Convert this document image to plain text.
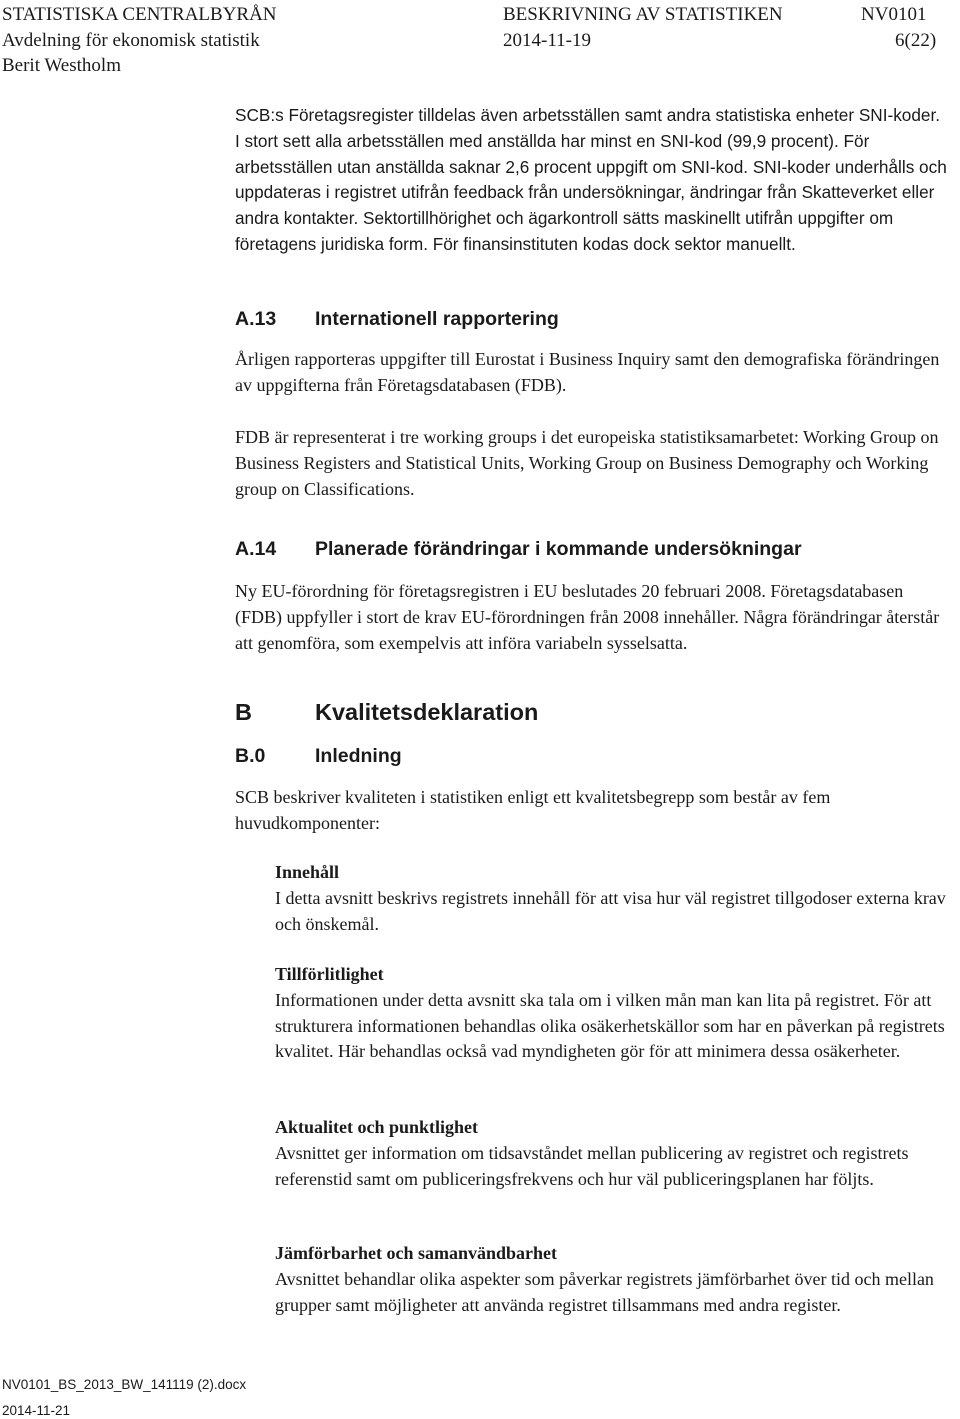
STATISTISKA CENTRALBYRÅN	BESKRIVNING AV STATISTIKEN	NV0101
Avdelning för ekonomisk statistik	2014-11-19	6(22)
Berit Westholm

SCB:s Företagsregister tilldelas även arbetsställen samt andra statistiska enheter SNI-koder. I stort sett alla arbetsställen med anställda har minst en SNI-kod (99,9 procent). För arbetsställen utan anställda saknar 2,6 procent uppgift om SNI-kod. SNI-koder underhålls och uppdateras i registret utifrån feedback från undersökningar, ändringar från Skatteverket eller andra kontakter. Sektortillhörighet och ägarkontroll sätts maskinellt utifrån uppgifter om företagens juridiska form. För finansinstituten kodas dock sektor manuellt.

A.13 Internationell rapportering

Årligen rapporteras uppgifter till Eurostat i Business Inquiry samt den demografiska förändringen av uppgifterna från Företagsdatabasen (FDB).

FDB är representerat i tre working groups i det europeiska statistiksamarbetet: Working Group on Business Registers and Statistical Units, Working Group on Business Demography och Working group on Classifications.

A.14 Planerade förändringar i kommande undersökningar

Ny EU-förordning för företagsregistren i EU beslutades 20 februari 2008. Företagsdatabasen (FDB) uppfyller i stort de krav EU-förordningen från 2008 innehåller. Några förändringar återstår att genomföra, som exempelvis att införa variabeln sysselsatta.

B	Kvalitetsdeklaration
B.0	Inledning

SCB beskriver kvaliteten i statistiken enligt ett kvalitetsbegrepp som består av fem huvudkomponenter:

Innehåll
I detta avsnitt beskrivs registrets innehåll för att visa hur väl registret tillgodoser externa krav och önskemål.
Tillförlitlighet
Informationen under detta avsnitt ska tala om i vilken mån man kan lita på registret. För att strukturera informationen behandlas olika osäkerhetskällor som har en påverkan på registrets kvalitet. Här behandlas också vad myndigheten gör för att minimera dessa osäkerheter.
Aktualitet och punktlighet
Avsnittet ger information om tidsavståndet mellan publicering av registret och registrets referenstid samt om publiceringsfrekvens och hur väl publiceringsplanen har följts.
Jämförbarhet och samanvändbarhet
Avsnittet behandlar olika aspekter som påverkar registrets jämförbarhet över tid och mellan grupper samt möjligheter att använda registret tillsammans med andra register.
NV0101_BS_2013_BW_141119 (2).docx
2014-11-21
